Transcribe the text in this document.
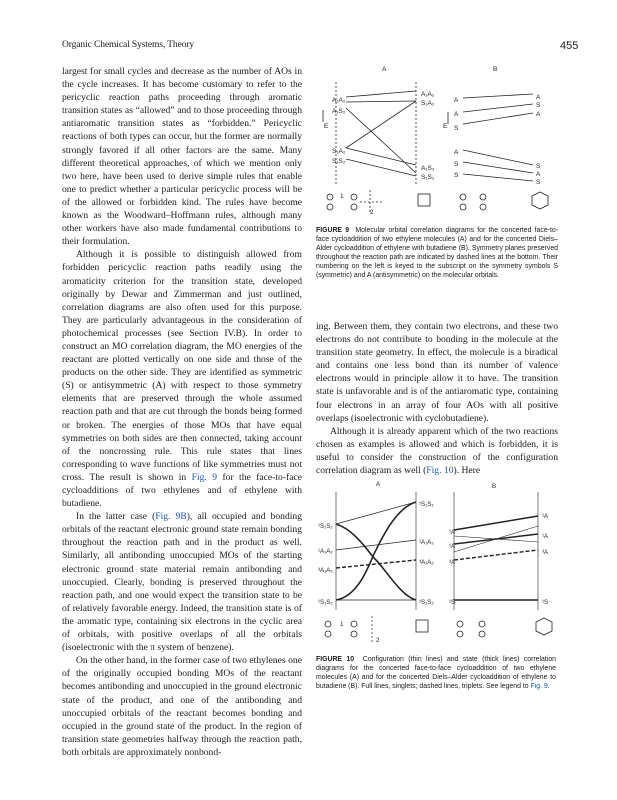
Organic Chemical Systems, Theory	455

largest for small cycles and decrease as the number of AOs in the cycle increases. It has become customary to refer to the pericyclic reaction paths proceeding through aromatic transition states as “allowed” and to those proceeding through antiaromatic transition states as “forbidden.” Pericyclic reactions of both types can occur, but the former are normally strongly favored if all other factors are the same. Many different theoretical approaches, of which we mention only two here, have been used to derive simple rules that enable one to predict whether a particular pericyclic process will be of the allowed or forbidden kind. The rules have become known as the Woodward–Hoffmann rules, although many other workers have also made fundamental contributions to their formulation.

Although it is possible to distinguish allowed from forbidden pericyclic reaction paths readily using the aromaticity criterion for the transition state, developed originally by Dewar and Zimmerman and just outlined, correlation diagrams are also often used for this purpose. They are particularly advantageous in the consideration of photochemical processes (see Section IV.B). In order to construct an MO correlation diagram, the MO energies of the reactant are plotted vertically on one side and those of the products on the other side. They are identified as symmetric (S) or antisymmetric (A) with respect to those symmetry elements that are preserved through the whole assumed reaction path and that are cut through the bonds being formed or broken. The energies of those MOs that have equal symmetries on both sides are then connected, taking account of the noncrossing rule. This rule states that lines corresponding to wave functions of like symmetries must not cross. The result is shown in Fig. 9 for the face-to-face cycloadditions of two ethylenes and of ethylene with butadiene.

In the latter case (Fig. 9B), all occupied and bonding orbitals of the reactant electronic ground state remain bonding throughout the reaction path and in the product as well. Similarly, all antibonding unoccupied MOs of the starting electronic ground state material remain antibonding and unoccupied. Clearly, bonding is preserved throughout the reaction path, and one would expect the transition state to be of relatively favorable energy. Indeed, the transition state is of the aromatic type, containing six electrons in the cyclic area of orbitals, with positive overlaps of all the orbitals (isoelectronic with the π system of benzene).

On the other hand, in the former case of two ethylenes one of the originally occupied bonding MOs of the reactant becomes antibonding and unoccupied in the ground electronic state of the product, and one of the antibonding and unoccupied orbitals of the reactant becomes bonding and occupied in the ground state of the product. In the region of transition state geometries halfway through the reaction path, both orbitals are approximately nonbond-

A	B
E	E
A₁A₂
A₁S₂
S₁A₂
S₁S₂
A₁A₂
S₁A₂
A₁S₂
S₁S₂
A
A
S
A
S
S
A
S
A
S
A
S
1
2
FIGURE 9 Molecular orbital correlation diagrams for the concerted face-to-face cycloaddition of two ethylene molecules (A) and for the concerted Diels–Alder cycloaddition of ethylene with butadiene (B). Symmetry planes preserved throughout the reaction path are indicated by dashed lines at the bottom. Their numbering on the left is keyed to the subscript on the symmetry symbols S (symmetric) and A (antisymmetric) on the molecular orbitals.

ing. Between them, they contain two electrons, and these two electrons do not contribute to bonding in the molecule at the transition state geometry. In effect, the molecule is a biradical and contains one less bond than its number of valence electrons would in principle allow it to have. The transition state is unfavorable and is of the antiaromatic type, containing four electrons in an array of four AOs with all positive overlaps (isoelectronic with cyclobutadiene).

Although it is already apparent which of the two reactions chosen as examples is allowed and which is forbidden, it is useful to consider the construction of the configuration correlation diagram as well (Fig. 10). Here

A	B
¹S₁S₂
¹A₁A₂
³A₁A₂
¹S₁S₂
¹S₁S₂
¹A₁A₂
³A₁A₂
¹S₁S₂
¹A
¹A
³A
¹S
¹A
¹A
³A
¹S
1
2
FIGURE 10 Configuration (thin lines) and state (thick lines) correlation diagrams for the concerted face-to-face cycloaddition of two ethylene molecules (A) and for the concerted Diels–Alder cycloaddition of ethylene to butadiene (B). Full lines, singlets; dashed lines, triplets. See legend to Fig. 9.
